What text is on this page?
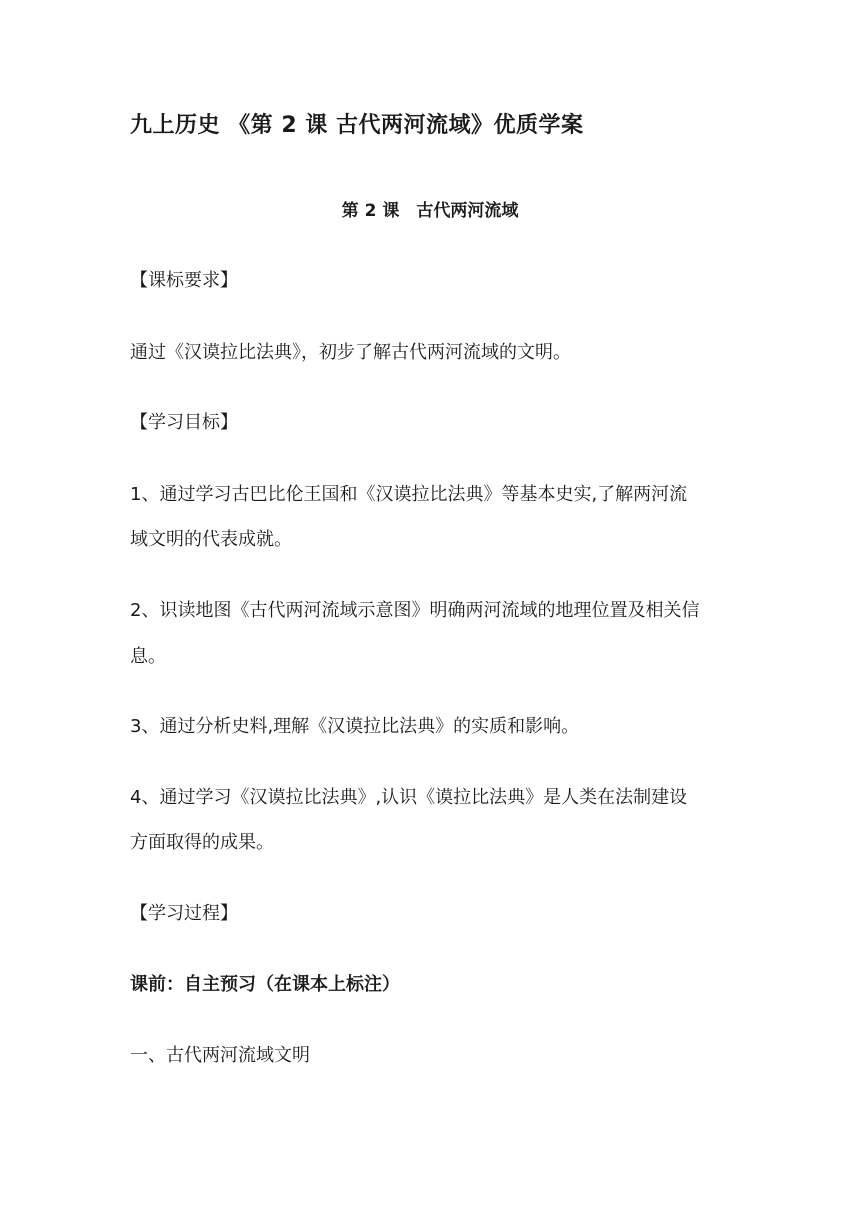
九上历史 《第 2 课 古代两河流域》优质学案
第 2 课　古代两河流域
【课标要求】
通过《汉谟拉比法典》，初步了解古代两河流域的文明。
【学习目标】
1、通过学习古巴比伦王国和《汉谟拉比法典》等基本史实,了解两河流
域文明的代表成就。
2、识读地图《古代两河流域示意图》明确两河流域的地理位置及相关信
息。
3、通过分析史料,理解《汉谟拉比法典》的实质和影响。
4、通过学习《汉谟拉比法典》,认识《谟拉比法典》是人类在法制建设
方面取得的成果。
【学习过程】
课前：自主预习（在课本上标注）
一、古代两河流域文明
